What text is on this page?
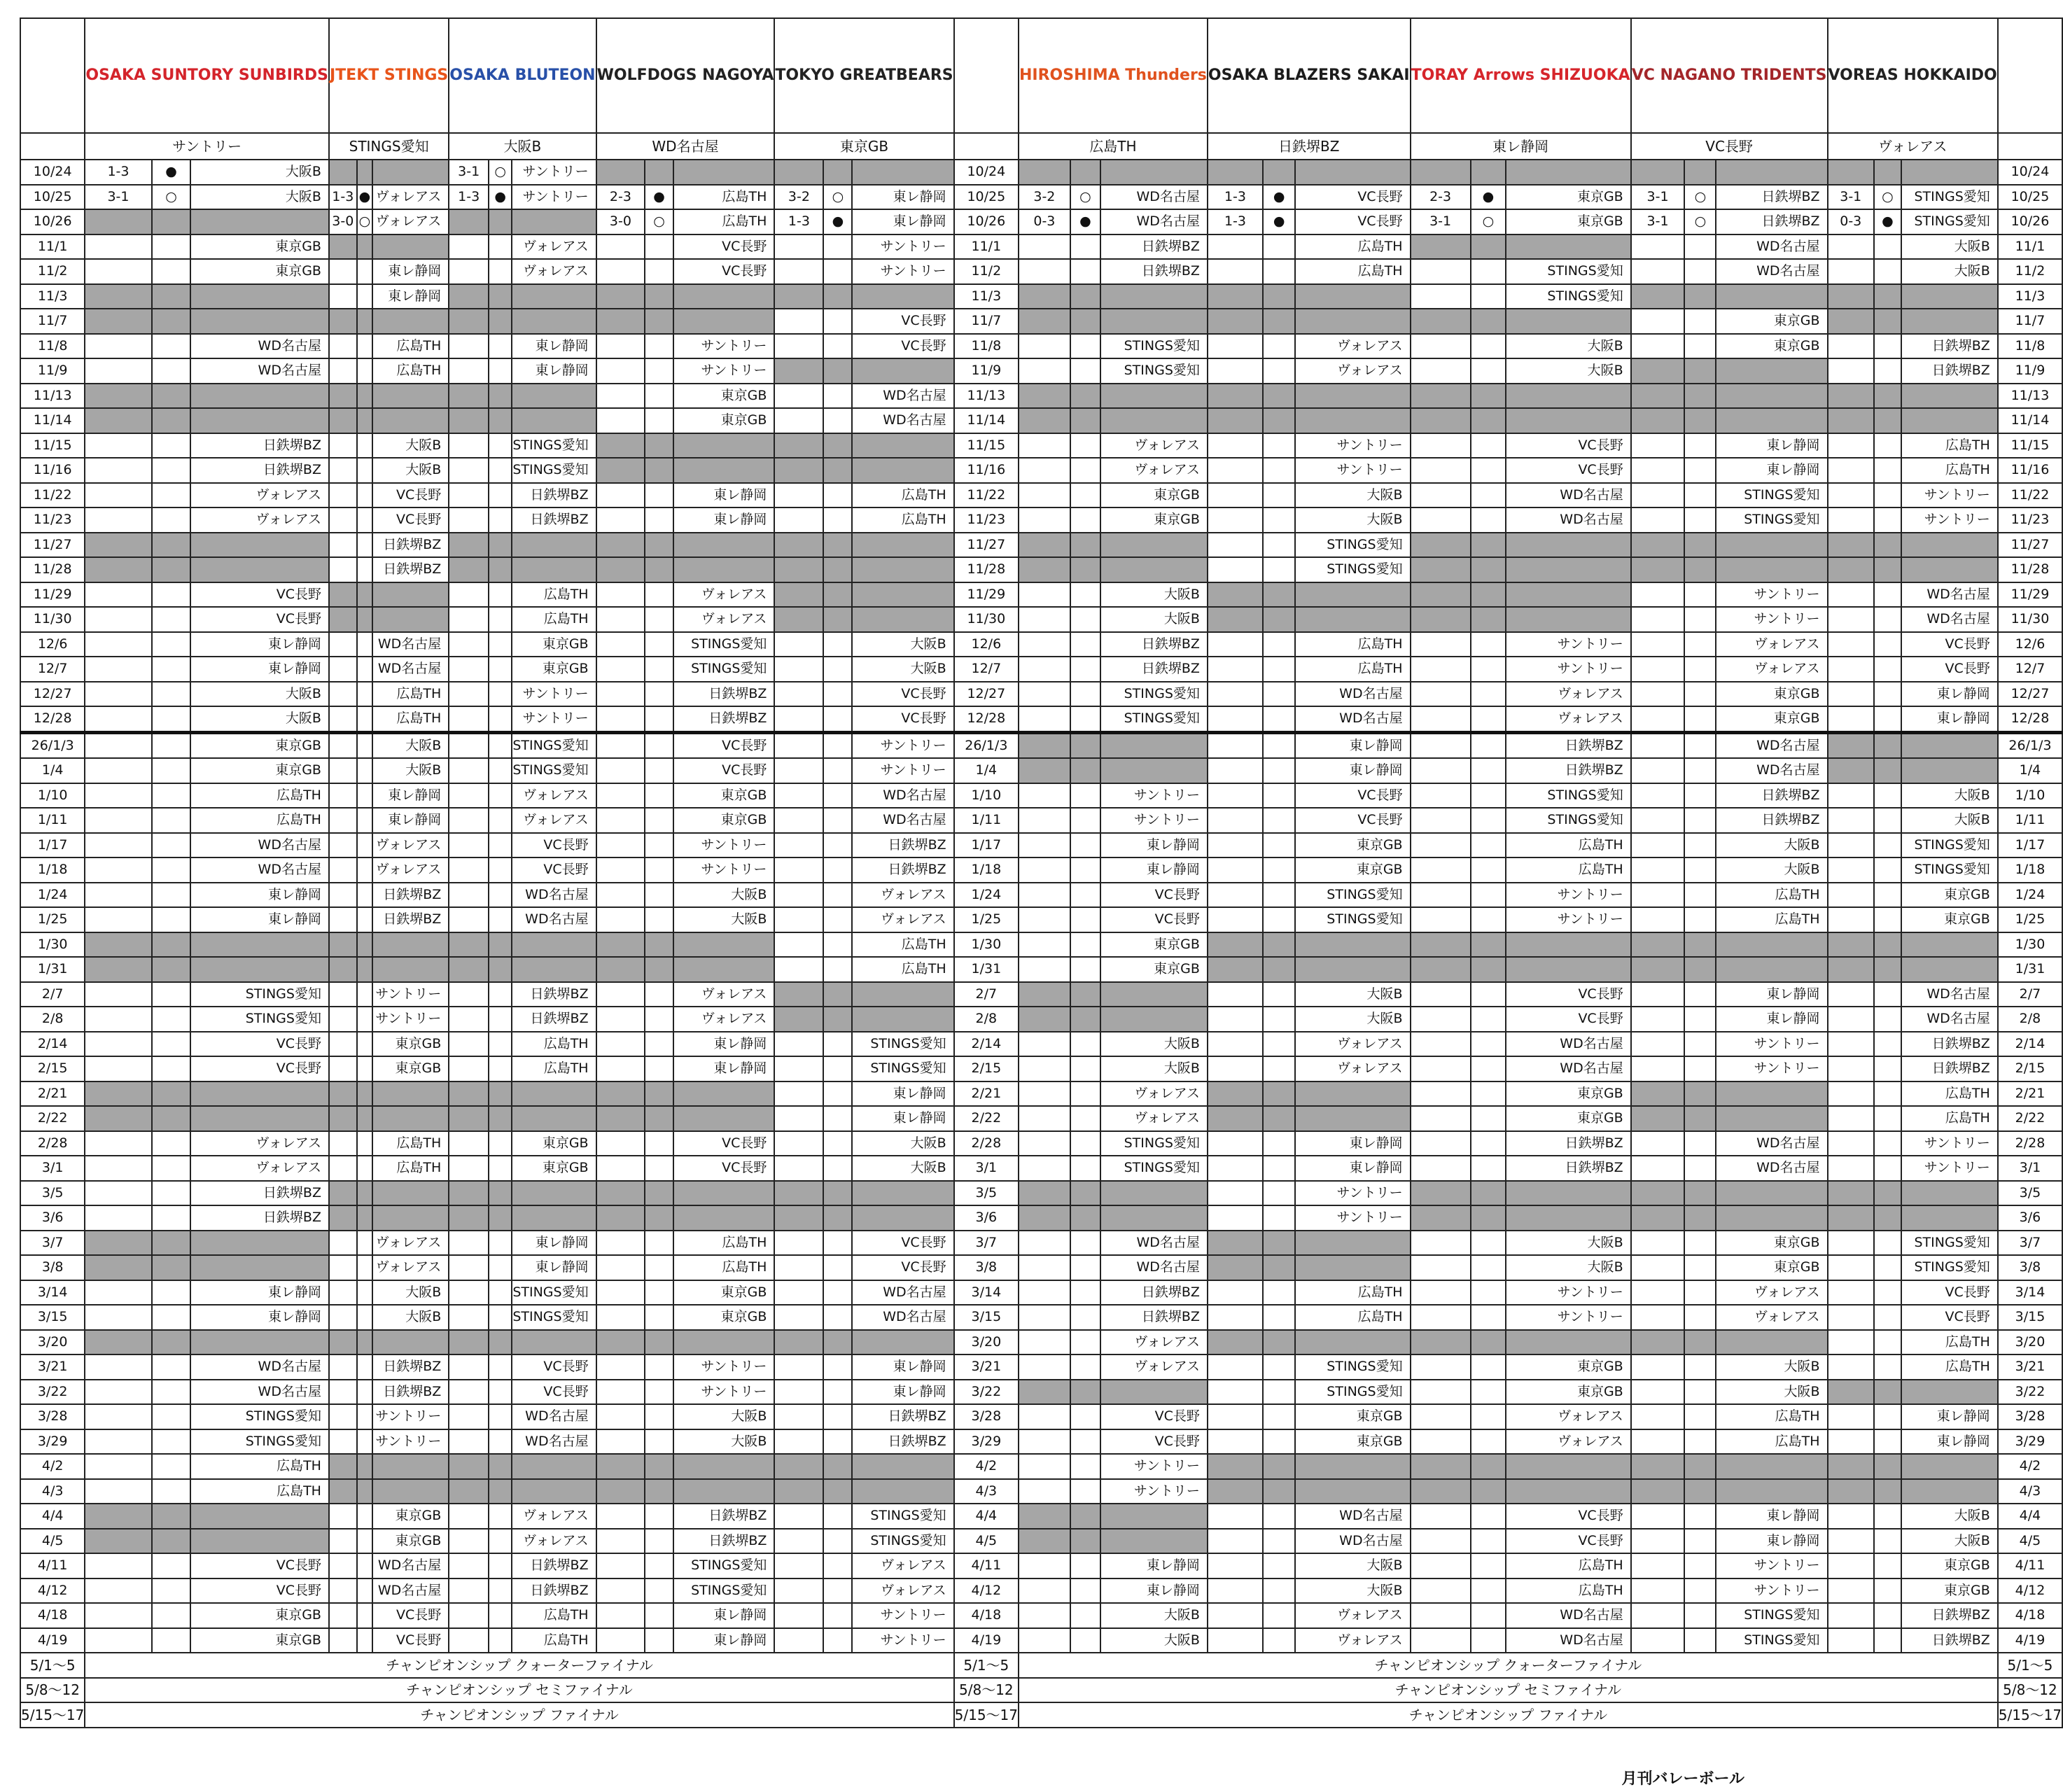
	OSAKA SUNTORY SUNBIRDS			JTEKT STINGS			OSAKA BLUTEON			WOLFDOGS NAGOYA			TOKYO GREATBEARS				HIROSHIMA Thunders			OSAKA BLAZERS SAKAI			TORAY Arrows SHIZUOKA			VC NAGANO TRIDENTS			VOREAS HOKKAIDO			

	サントリー			STINGS愛知			大阪B			WD名古屋			東京GB				広島TH			日鉄堺BZ			東レ静岡			VC長野			ヴォレアス			
10/24	1-3	●	大阪B				3-1	○	サントリー							10/24																10/24
10/25	3-1	○	大阪B	1-3	●	ヴォレアス	1-3	●	サントリー	2-3	●	広島TH	3-2	○	東レ静岡	10/25	3-2	○	WD名古屋	1-3	●	VC長野	2-3	●	東京GB	3-1	○	日鉄堺BZ	3-1	○	STINGS愛知	10/25
10/26				3-0	○	ヴォレアス				3-0	○	広島TH	1-3	●	東レ静岡	10/26	0-3	●	WD名古屋	1-3	●	VC長野	3-1	○	東京GB	3-1	○	日鉄堺BZ	0-3	●	STINGS愛知	10/26
11/1			東京GB						ヴォレアス			VC長野			サントリー	11/1			日鉄堺BZ			広島TH						WD名古屋			大阪B	11/1
11/2			東京GB			東レ静岡			ヴォレアス			VC長野			サントリー	11/2			日鉄堺BZ			広島TH			STINGS愛知			WD名古屋			大阪B	11/2
11/3						東レ静岡										11/3									STINGS愛知							11/3
11/7															VC長野	11/7												東京GB				11/7
11/8			WD名古屋			広島TH			東レ静岡			サントリー			VC長野	11/8			STINGS愛知			ヴォレアス			大阪B			東京GB			日鉄堺BZ	11/8
11/9			WD名古屋			広島TH			東レ静岡			サントリー				11/9			STINGS愛知			ヴォレアス			大阪B						日鉄堺BZ	11/9
11/13												東京GB			WD名古屋	11/13																11/13
11/14												東京GB			WD名古屋	11/14																11/14
11/15			日鉄堺BZ			大阪B			STINGS愛知							11/15			ヴォレアス			サントリー			VC長野			東レ静岡			広島TH	11/15
11/16			日鉄堺BZ			大阪B			STINGS愛知							11/16			ヴォレアス			サントリー			VC長野			東レ静岡			広島TH	11/16
11/22			ヴォレアス			VC長野			日鉄堺BZ			東レ静岡			広島TH	11/22			東京GB			大阪B			WD名古屋			STINGS愛知			サントリー	11/22
11/23			ヴォレアス			VC長野			日鉄堺BZ			東レ静岡			広島TH	11/23			東京GB			大阪B			WD名古屋			STINGS愛知			サントリー	11/23
11/27						日鉄堺BZ										11/27						STINGS愛知										11/27
11/28						日鉄堺BZ										11/28						STINGS愛知										11/28
11/29			VC長野						広島TH			ヴォレアス				11/29			大阪B									サントリー			WD名古屋	11/29
11/30			VC長野						広島TH			ヴォレアス				11/30			大阪B									サントリー			WD名古屋	11/30
12/6			東レ静岡			WD名古屋			東京GB			STINGS愛知			大阪B	12/6			日鉄堺BZ			広島TH			サントリー			ヴォレアス			VC長野	12/6
12/7			東レ静岡			WD名古屋			東京GB			STINGS愛知			大阪B	12/7			日鉄堺BZ			広島TH			サントリー			ヴォレアス			VC長野	12/7
12/27			大阪B			広島TH			サントリー			日鉄堺BZ			VC長野	12/27			STINGS愛知			WD名古屋			ヴォレアス			東京GB			東レ静岡	12/27
12/28			大阪B			広島TH			サントリー			日鉄堺BZ			VC長野	12/28			STINGS愛知			WD名古屋			ヴォレアス			東京GB			東レ静岡	12/28
26/1/3			東京GB			大阪B			STINGS愛知			VC長野			サントリー	26/1/3						東レ静岡			日鉄堺BZ			WD名古屋				26/1/3
1/4			東京GB			大阪B			STINGS愛知			VC長野			サントリー	1/4						東レ静岡			日鉄堺BZ			WD名古屋				1/4
1/10			広島TH			東レ静岡			ヴォレアス			東京GB			WD名古屋	1/10			サントリー			VC長野			STINGS愛知			日鉄堺BZ			大阪B	1/10
1/11			広島TH			東レ静岡			ヴォレアス			東京GB			WD名古屋	1/11			サントリー			VC長野			STINGS愛知			日鉄堺BZ			大阪B	1/11
1/17			WD名古屋			ヴォレアス			VC長野			サントリー			日鉄堺BZ	1/17			東レ静岡			東京GB			広島TH			大阪B			STINGS愛知	1/17
1/18			WD名古屋			ヴォレアス			VC長野			サントリー			日鉄堺BZ	1/18			東レ静岡			東京GB			広島TH			大阪B			STINGS愛知	1/18
1/24			東レ静岡			日鉄堺BZ			WD名古屋			大阪B			ヴォレアス	1/24			VC長野			STINGS愛知			サントリー			広島TH			東京GB	1/24
1/25			東レ静岡			日鉄堺BZ			WD名古屋			大阪B			ヴォレアス	1/25			VC長野			STINGS愛知			サントリー			広島TH			東京GB	1/25
1/30															広島TH	1/30			東京GB													1/30
1/31															広島TH	1/31			東京GB													1/31
2/7			STINGS愛知			サントリー			日鉄堺BZ			ヴォレアス				2/7						大阪B			VC長野			東レ静岡			WD名古屋	2/7
2/8			STINGS愛知			サントリー			日鉄堺BZ			ヴォレアス				2/8						大阪B			VC長野			東レ静岡			WD名古屋	2/8
2/14			VC長野			東京GB			広島TH			東レ静岡			STINGS愛知	2/14			大阪B			ヴォレアス			WD名古屋			サントリー			日鉄堺BZ	2/14
2/15			VC長野			東京GB			広島TH			東レ静岡			STINGS愛知	2/15			大阪B			ヴォレアス			WD名古屋			サントリー			日鉄堺BZ	2/15
2/21															東レ静岡	2/21			ヴォレアス						東京GB						広島TH	2/21
2/22															東レ静岡	2/22			ヴォレアス						東京GB						広島TH	2/22
2/28			ヴォレアス			広島TH			東京GB			VC長野			大阪B	2/28			STINGS愛知			東レ静岡			日鉄堺BZ			WD名古屋			サントリー	2/28
3/1			ヴォレアス			広島TH			東京GB			VC長野			大阪B	3/1			STINGS愛知			東レ静岡			日鉄堺BZ			WD名古屋			サントリー	3/1
3/5			日鉄堺BZ													3/5						サントリー										3/5
3/6			日鉄堺BZ													3/6						サントリー										3/6
3/7						ヴォレアス			東レ静岡			広島TH			VC長野	3/7			WD名古屋						大阪B			東京GB			STINGS愛知	3/7
3/8						ヴォレアス			東レ静岡			広島TH			VC長野	3/8			WD名古屋						大阪B			東京GB			STINGS愛知	3/8
3/14			東レ静岡			大阪B			STINGS愛知			東京GB			WD名古屋	3/14			日鉄堺BZ			広島TH			サントリー			ヴォレアス			VC長野	3/14
3/15			東レ静岡			大阪B			STINGS愛知			東京GB			WD名古屋	3/15			日鉄堺BZ			広島TH			サントリー			ヴォレアス			VC長野	3/15
3/20																3/20			ヴォレアス												広島TH	3/20
3/21			WD名古屋			日鉄堺BZ			VC長野			サントリー			東レ静岡	3/21			ヴォレアス			STINGS愛知			東京GB			大阪B			広島TH	3/21
3/22			WD名古屋			日鉄堺BZ			VC長野			サントリー			東レ静岡	3/22						STINGS愛知			東京GB			大阪B				3/22
3/28			STINGS愛知			サントリー			WD名古屋			大阪B			日鉄堺BZ	3/28			VC長野			東京GB			ヴォレアス			広島TH			東レ静岡	3/28
3/29			STINGS愛知			サントリー			WD名古屋			大阪B			日鉄堺BZ	3/29			VC長野			東京GB			ヴォレアス			広島TH			東レ静岡	3/29
4/2			広島TH													4/2			サントリー													4/2
4/3			広島TH													4/3			サントリー													4/3
4/4						東京GB			ヴォレアス			日鉄堺BZ			STINGS愛知	4/4						WD名古屋			VC長野			東レ静岡			大阪B	4/4
4/5						東京GB			ヴォレアス			日鉄堺BZ			STINGS愛知	4/5						WD名古屋			VC長野			東レ静岡			大阪B	4/5
4/11			VC長野			WD名古屋			日鉄堺BZ			STINGS愛知			ヴォレアス	4/11			東レ静岡			大阪B			広島TH			サントリー			東京GB	4/11
4/12			VC長野			WD名古屋			日鉄堺BZ			STINGS愛知			ヴォレアス	4/12			東レ静岡			大阪B			広島TH			サントリー			東京GB	4/12
4/18			東京GB			VC長野			広島TH			東レ静岡			サントリー	4/18			大阪B			ヴォレアス			WD名古屋			STINGS愛知			日鉄堺BZ	4/18
4/19			東京GB			VC長野			広島TH			東レ静岡			サントリー	4/19			大阪B			ヴォレアス			WD名古屋			STINGS愛知			日鉄堺BZ	4/19
5/1～5	チャンピオンシップ クォーターファイナル															5/1～5	チャンピオンシップ クォーターファイナル															5/1～5
5/8～12	チャンピオンシップ セミファイナル															5/8～12	チャンピオンシップ セミファイナル															5/8～12
5/15～17	チャンピオンシップ ファイナル															5/15～17	チャンピオンシップ ファイナル															5/15～17
月刊バレーボール
